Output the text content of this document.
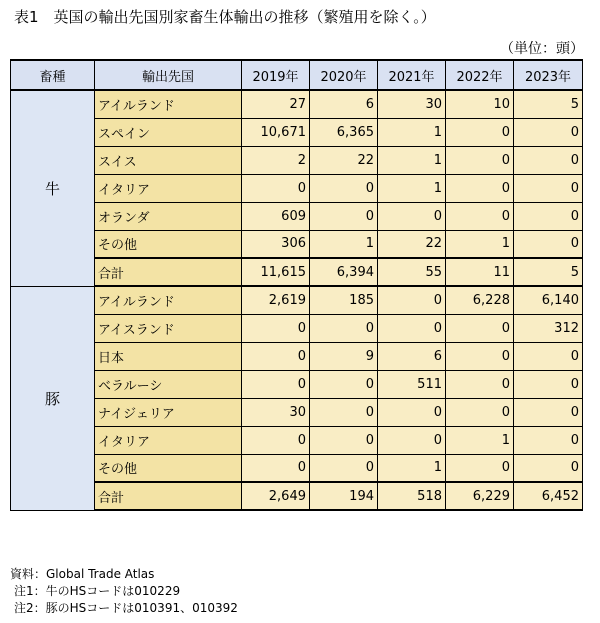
表1　英国の輸出先国別家畜生体輸出の推移（繁殖用を除く。）
（単位：頭）
畜種	輸出先国	2019年	2020年	2021年	2022年	2023年
牛	アイルランド	27	6	30	10	5
	スペイン	10,671	6,365	1	0	0
	スイス	2	22	1	0	0
	イタリア	0	0	1	0	0
	オランダ	609	0	0	0	0
	その他	306	1	22	1	0
	合計	11,615	6,394	55	11	5
豚	アイルランド	2,619	185	0	6,228	6,140
	アイスランド	0	0	0	0	312
	日本	0	9	6	0	0
	ベラルーシ	0	0	511	0	0
	ナイジェリア	30	0	0	0	0
	イタリア	0	0	0	1	0
	その他	0	0	1	0	0
	合計	2,649	194	518	6,229	6,452
資料：Global Trade Atlas
注1：牛のHSコードは010229
注2：豚のHSコードは010391、010392
